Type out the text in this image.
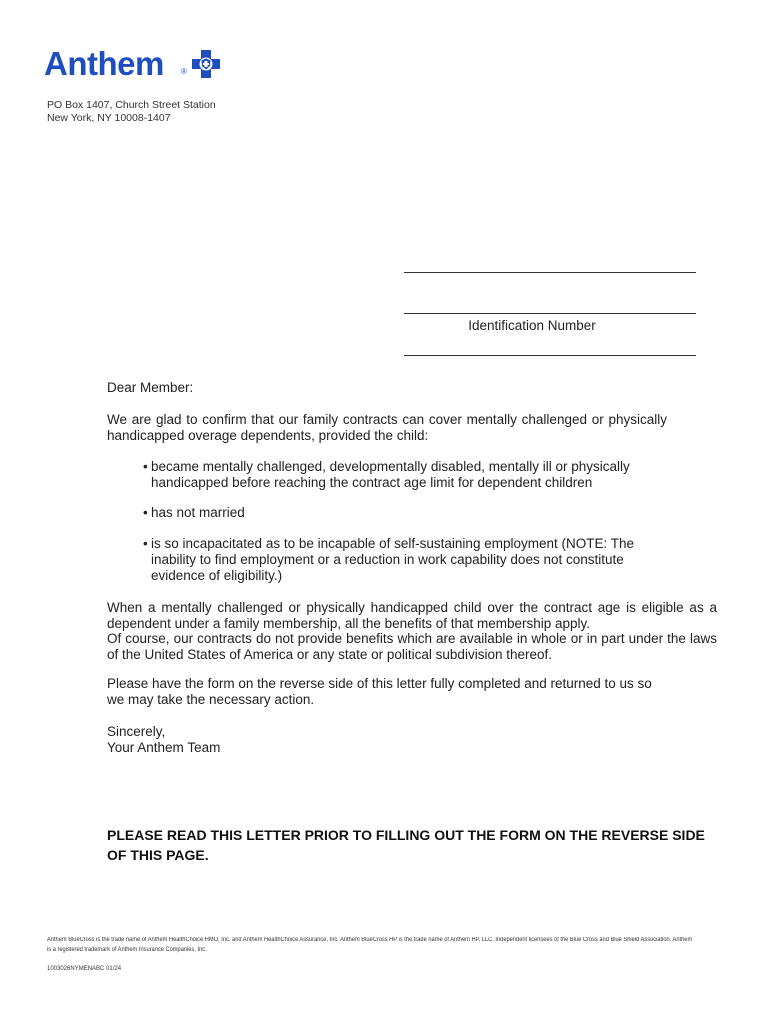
Anthem ®
PO Box 1407, Church Street Station
New York, NY 10008-1407
Identification Number
Dear Member:
We are glad to confirm that our family contracts can cover mentally challenged or physically handicapped overage dependents, provided the child:
• became mentally challenged, developmentally disabled, mentally ill or physically handicapped before reaching the contract age limit for dependent children
• has not married
• is so incapacitated as to be incapable of self-sustaining employment (NOTE: The inability to find employment or a reduction in work capability does not constitute evidence of eligibility.)
When a mentally challenged or physically handicapped child over the contract age is eligible as a dependent under a family membership, all the benefits of that membership apply.
Of course, our contracts do not provide benefits which are available in whole or in part under the laws of the United States of America or any state or political subdivision thereof.
Please have the form on the reverse side of this letter fully completed and returned to us so we may take the necessary action.
Sincerely,
Your Anthem Team
PLEASE READ THIS LETTER PRIOR TO FILLING OUT THE FORM ON THE REVERSE SIDE OF THIS PAGE.
Anthem BlueCross is the trade name of Anthem HealthChoice HMO, Inc. and Anthem HealthChoice Assurance, Inc. Anthem BlueCross HP is the trade name of Anthem HP, LLC. Independent licensees of the Blue Cross and Blue Shield Association. Anthem is a registered trademark of Anthem Insurance Companies, Inc.
1003026NYMENABC 01/24
